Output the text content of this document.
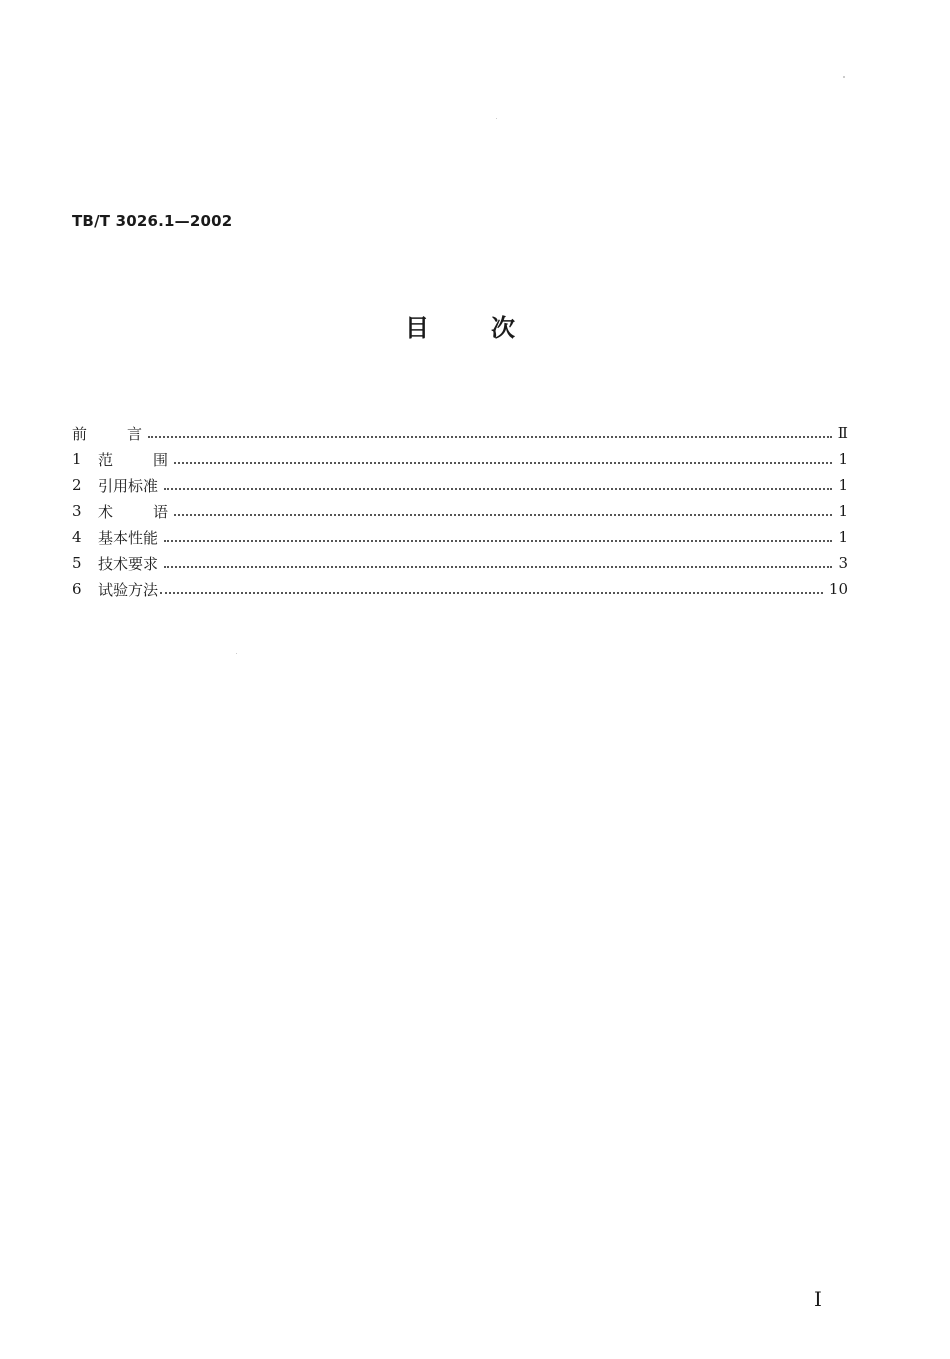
TB/T 3026.1—2002
目	次
前	言	Ⅱ
1	范	围	1
2	引用标准	1
3	术	语	1
4	基本性能	1
5	技术要求	3
6	试验方法	10
Ⅰ
